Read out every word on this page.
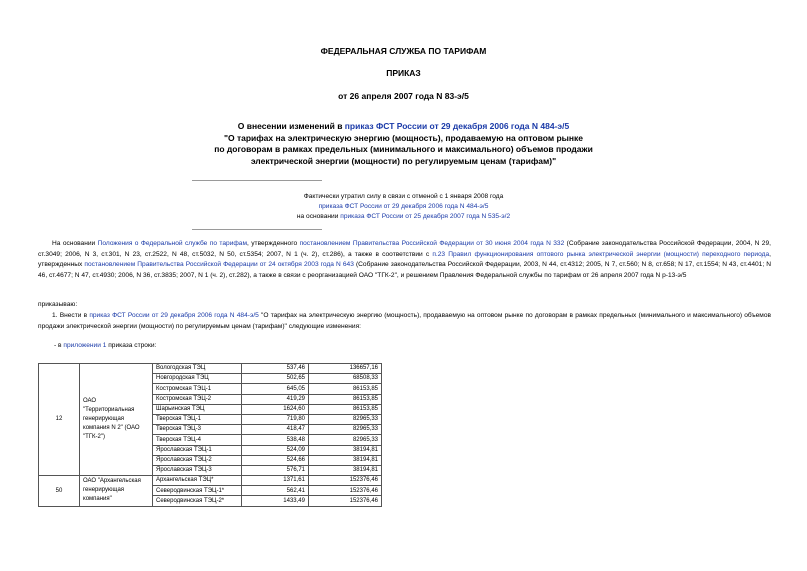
ФЕДЕРАЛЬНАЯ СЛУЖБА ПО ТАРИФАМ
ПРИКАЗ
от 26 апреля 2007 года N 83-э/5
О внесении изменений в приказ ФСТ России от 29 декабря 2006 года N 484-э/5
"О тарифах на электрическую энергию (мощность), продаваемую на оптовом рынке
по договорам в рамках предельных (минимального и максимального) объемов продажи
электрической энергии (мощности) по регулируемым ценам (тарифам)"
Фактически утратил силу в связи с отменой с 1 января 2008 года
приказа ФСТ России от 29 декабря 2006 года N 484-э/5
на основании приказа ФСТ России от 25 декабря 2007 года N 535-э/2
На основании Положения о Федеральной службе по тарифам, утвержденного постановлением Правительства Российской Федерации от 30 июня 2004 года N 332 (Собрание законодательства Российской Федерации, 2004, N 29, ст.3049; 2006, N 3, ст.301, N 23, ст.2522, N 48, ст.5032, N 50, ст.5354; 2007, N 1 (ч. 2), ст.286), а также в соответствии с п.23 Правил функционирования оптового рынка электрической энергии (мощности) переходного периода, утвержденных постановлением Правительства Российской Федерации от 24 октября 2003 года N 643 (Собрание законодательства Российской Федерации, 2003, N 44, ст.4312; 2005, N 7, ст.560; N 8, ст.658; N 17, ст.1554; N 43, ст.4401; N 46, ст.4677; N 47, ст.4930; 2006, N 36, ст.3835; 2007, N 1 (ч. 2), ст.282), а также в связи с реорганизацией ОАО "ТГК-2", и решением Правления Федеральной службы по тарифам от 26 апреля 2007 года N р-13-э/5
приказываю:
1. Внести в приказ ФСТ России от 29 декабря 2006 года N 484-э/5 "О тарифах на электрическую энергию (мощность), продаваемую на оптовом рынке по договорам в рамках предельных (минимального и максимального) объемов продажи электрической энергии (мощности) по регулируемым ценам (тарифам)" следующие изменения:
- в приложении 1 приказа строки:
12	ОАО "Территориальная генерирующая компания N 2" (ОАО "ТГК-2")	Вологодская ТЭЦ	537,46	136657,16
		Новгородская ТЭЦ	502,65	68508,33
		Костромская ТЭЦ-1	645,05	86153,85
		Костромская ТЭЦ-2	419,29	86153,85
		Шарьинская ТЭЦ	1624,60	86153,85
		Тверская ТЭЦ-1	719,80	82965,33
		Тверская ТЭЦ-3	418,47	82965,33
		Тверская ТЭЦ-4	538,48	82965,33
		Ярославская ТЭЦ-1	524,09	38194,81
		Ярославская ТЭЦ-2	524,66	38194,81
		Ярославская ТЭЦ-3	576,71	38194,81
50	ОАО "Архангельская генерирующая компания"	Архангельская ТЭЦ*	1371,61	152376,46
		Северодвинская ТЭЦ-1*	562,41	152376,46
		Северодвинская ТЭЦ-2*	1433,49	152376,46
